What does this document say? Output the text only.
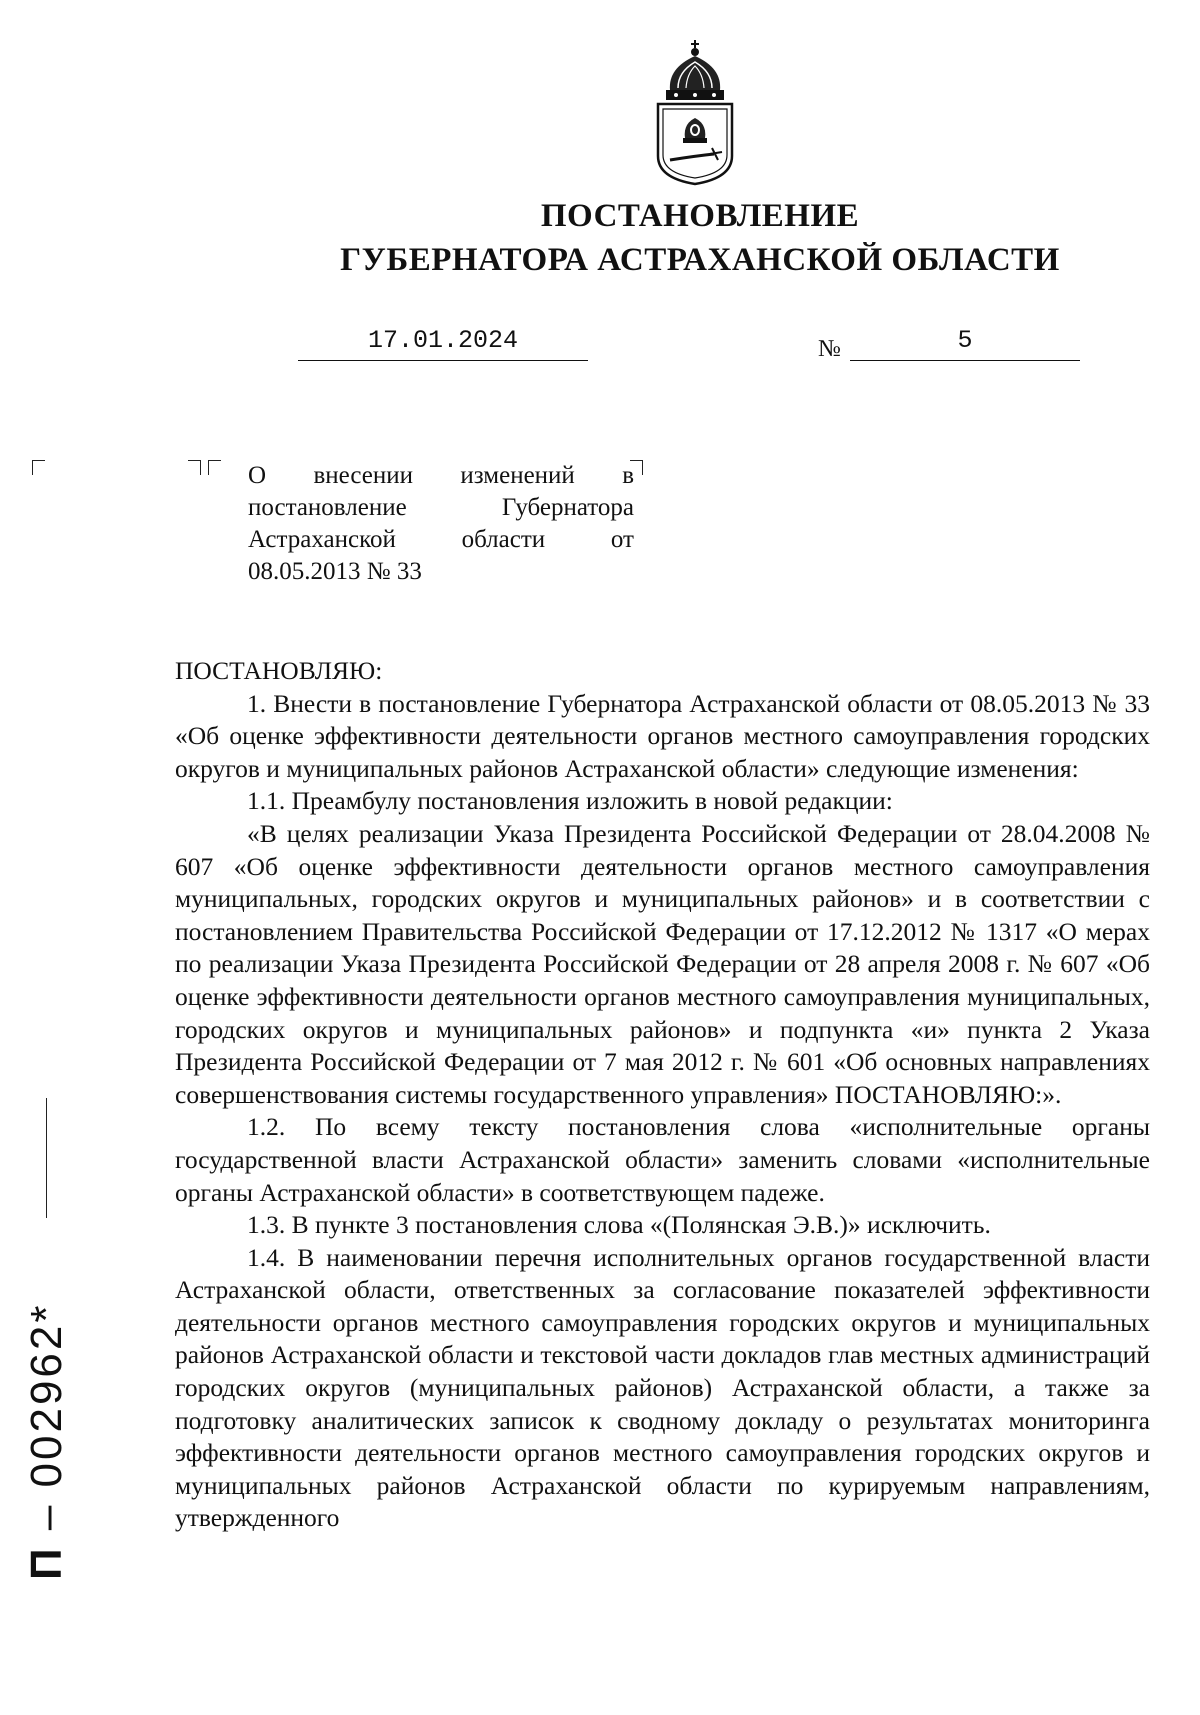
ПОСТАНОВЛЕНИЕ
ГУБЕРНАТОРА АСТРАХАНСКОЙ ОБЛАСТИ
17.01.2024	№	5
О внесении изменений в
постановление Губернатора
Астраханской области от
08.05.2013 № 33

ПОСТАНОВЛЯЮ:

1. Внести в постановление Губернатора Астраханской области от 08.05.2013 № 33 «Об оценке эффективности деятельности органов местного самоуправления городских округов и муниципальных районов Астраханской области» следующие изменения:

1.1. Преамбулу постановления изложить в новой редакции:

«В целях реализации Указа Президента Российской Федерации от 28.04.2008 № 607 «Об оценке эффективности деятельности органов местного самоуправления муниципальных, городских округов и муниципальных районов» и в соответствии с постановлением Правительства Российской Федерации от 17.12.2012 № 1317 «О мерах по реализации Указа Президента Российской Федерации от 28 апреля 2008 г. № 607 «Об оценке эффективности деятельности органов местного самоуправления муниципальных, городских округов и муниципальных районов» и подпункта «и» пункта 2 Указа Президента Российской Федерации от 7 мая 2012 г. № 601 «Об основных направлениях совершенствования системы государственного управления» ПОСТАНОВЛЯЮ:».

1.2. По всему тексту постановления слова «исполнительные органы государственной власти Астраханской области» заменить словами «исполнительные органы Астраханской области» в соответствующем падеже.

1.3. В пункте 3 постановления слова «(Полянская Э.В.)» исключить.

1.4. В наименовании перечня исполнительных органов государственной власти Астраханской области, ответственных за согласование показателей эффективности деятельности органов местного самоуправления городских округов и муниципальных районов Астраханской области и текстовой части докладов глав местных администраций городских округов (муниципальных районов) Астраханской области, а также за подготовку аналитических записок к сводному докладу о результатах мониторинга эффективности деятельности органов местного самоуправления городских округов и муниципальных районов Астраханской области по курируемым направлениям, утвержденного

П – 002962*
